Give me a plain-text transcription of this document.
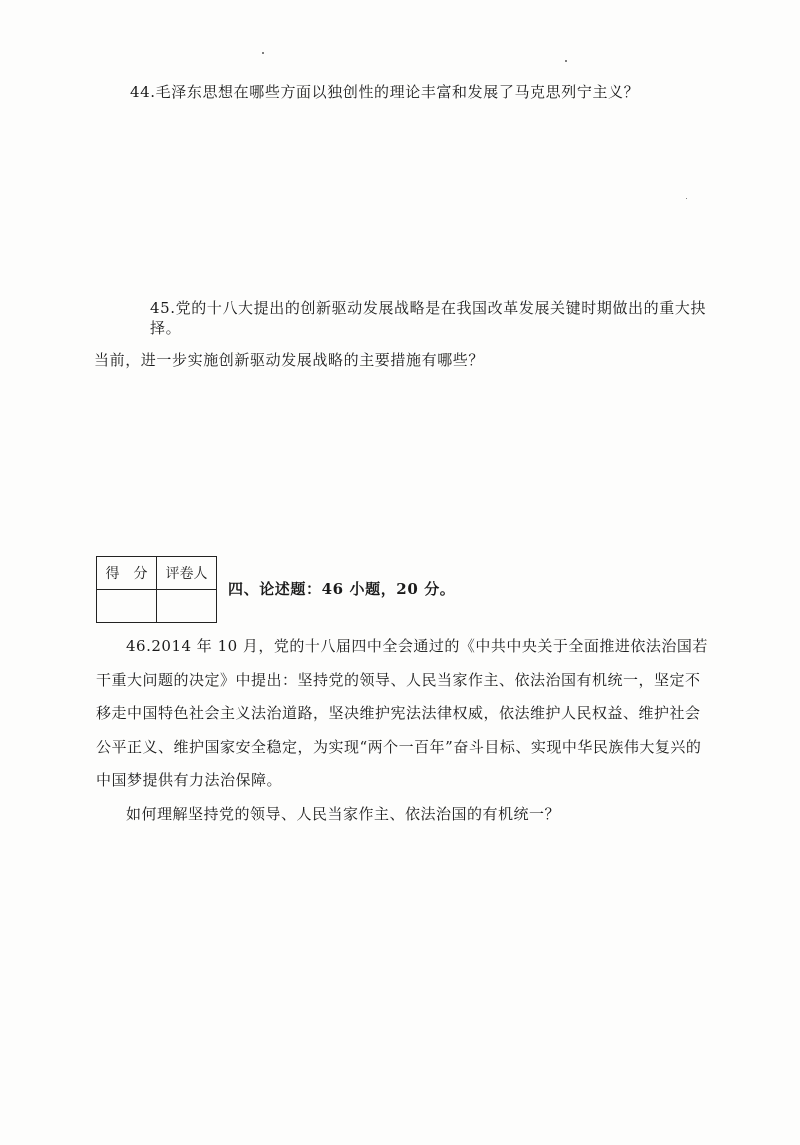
44.毛泽东思想在哪些方面以独创性的理论丰富和发展了马克思列宁主义？
45.党的十八大提出的创新驱动发展战略是在我国改革发展关键时期做出的重大抉择。
当前，进一步实施创新驱动发展战略的主要措施有哪些？
得　分	评卷人

四、论述题：46 小题，20 分。

46.2014 年 10 月，党的十八届四中全会通过的《中共中央关于全面推进依法治国若干重大问题的决定》中提出：坚持党的领导、人民当家作主、依法治国有机统一，坚定不移走中国特色社会主义法治道路，坚决维护宪法法律权威，依法维护人民权益、维护社会公平正义、维护国家安全稳定，为实现“两个一百年”奋斗目标、实现中华民族伟大复兴的中国梦提供有力法治保障。

如何理解坚持党的领导、人民当家作主、依法治国的有机统一？
